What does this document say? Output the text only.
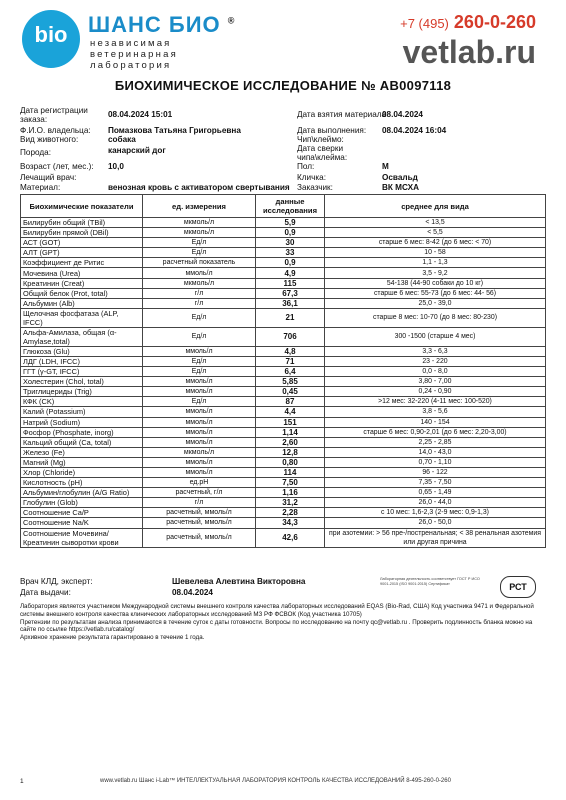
bio ШАНС БИО ®
независимая
ветеринарная
лаборатория
+7 (495) 260-0-260
vetlab.ru
БИОХИМИЧЕСКОЕ ИССЛЕДОВАНИЕ № АВ0097118
Дата регистрации заказа:
08.04.2024 15:01
Ф.И.О. владельца: Помазкова Татьяна Григорьевна
Вид животного:	собака
Порода:	канарский дог
Возраст (лет, мес.): 10,0
Лечащий врач:
Материал:	венозная кровь с активатором свертывания
Дата взятия материала
08.04.2024
Дата выполнения: 08.04.2024 16:04
Чип\клеймо:
Дата сверки чипа\клейма:
Пол:	М
Кличка:	Освальд
Заказчик:	ВК МСХА
Биохимические показатели	ед. измерения	данные исследования	среднее для вида
Билирубин общий (TBil)	мкмоль/л	5,9	< 13,5
Билирубин прямой (DBil)	мкмоль/л	0,9	< 5,5
АСТ (GOT)	Ед/л	30	старше 6 мес: 8-42 (до 6 мес: < 70)
АЛТ (GPT)	Ед/л	33	10 - 58
Коэффициент де Ритис	расчетный показатель	0,9	1,1 - 1,3
Мочевина (Urea)	ммоль/л	4,9	3,5 - 9,2
Креатинин (Creat)	мкмоль/л	115	54-138 (44-90 собаки до 10 кг)
Общий белок (Prot, total)	г/л	67,3	старше 6 мес: 55-73 (до 6 мес: 44- 56)
Альбумин (Alb)	г/л	36,1	25,0 - 39,0
Щелочная фосфатаза (ALP, IFCC)	Ед/л	21	старше 8 мес: 10-70 (до 8 мес: 80-230)
Альфа-Амилаза, общая (α-Amylase,total)	Ед/л	706	300 -1500 (старше 4 мес)
Глюкоза (Glu)	ммоль/л	4,8	3,3 - 6,3
ЛДГ (LDH, IFCC)	Ед/л	71	23 - 220
ГГТ (γ-GT, IFCC)	Ед/л	6,4	0,0 - 8,0
Холестерин (Chol, total)	ммоль/л	5,85	3,80 - 7,00
Триглицериды (Trig)	ммоль/л	0,45	0,24 - 0,90
КФК (CK)	Ед/л	87	>12 мес: 32-220 (4-11 мес: 100-520)
Калий (Potassium)	ммоль/л	4,4	3,8 - 5,6
Натрий (Sodium)	ммоль/л	151	140 - 154
Фосфор (Phosphate, inorg)	ммоль/л	1,14	старше 6 мес: 0,90-2,01 (до 6 мес: 2,20-3,00)
Кальций общий (Ca, total)	ммоль/л	2,60	2,25 - 2,85
Железо (Fe)	мкмоль/л	12,8	14,0 - 43,0
Магний (Mg)	ммоль/л	0,80	0,70 - 1,10
Хлор (Chloride)	ммоль/л	114	96 - 122
Кислотность (pH)	ед.pH	7,50	7,35 - 7,50
Альбумин/глобулин (A/G Ratio)	расчетный, г/л	1,16	0,65 - 1,49
Глобулин (Glob)	г/л	31,2	26,0 - 44,0
Соотношение Ca/P	расчетный, ммоль/л	2,28	с 10 мес: 1,6-2,3 (2-9 мес: 0,9-1,3)
Соотношение Na/K	расчетный, ммоль/л	34,3	26,0 - 50,0
Соотношение Мочевина/Креатинин сыворотки крови	расчетный, ммоль/л	42,6	при азотемии: > 56 пре-/постренальная; < 38 ренальная азотемия или другая причина
Врач КЛД, эксперт:	Шевелева Алевтина Викторовна
Дата выдачи:	08.04.2024
Лабораторная деятельность соответствует ГОСТ Р ИСО 9001-2015 (ISO 9001:2015) Сертификат	РСТ
Лаборатория является участником Международной системы внешнего контроля качества лабораторных исследований EQAS (Bio-Rad, США) Код участника 9471 и Федеральной системы внешнего контроля качества клинических лабораторных исследований МЗ РФ ФСВОК (Код участника 10705)
Претензии по результатам анализа принимаются в течение суток с даты готовности. Вопросы по исследованию на почту qc@vetlab.ru . Проверить подлинность бланка можно на сайте по ссылке https://vetlab.ru/catalog/
Архивное хранение результата гарантировано в течение 1 года.
1	www.vetlab.ru Шанс i-Lab™ ИНТЕЛЛЕКТУАЛЬНАЯ ЛАБОРАТОРИЯ КОНТРОЛЬ КАЧЕСТВА ИССЛЕДОВАНИЙ 8-495-260-0-260
